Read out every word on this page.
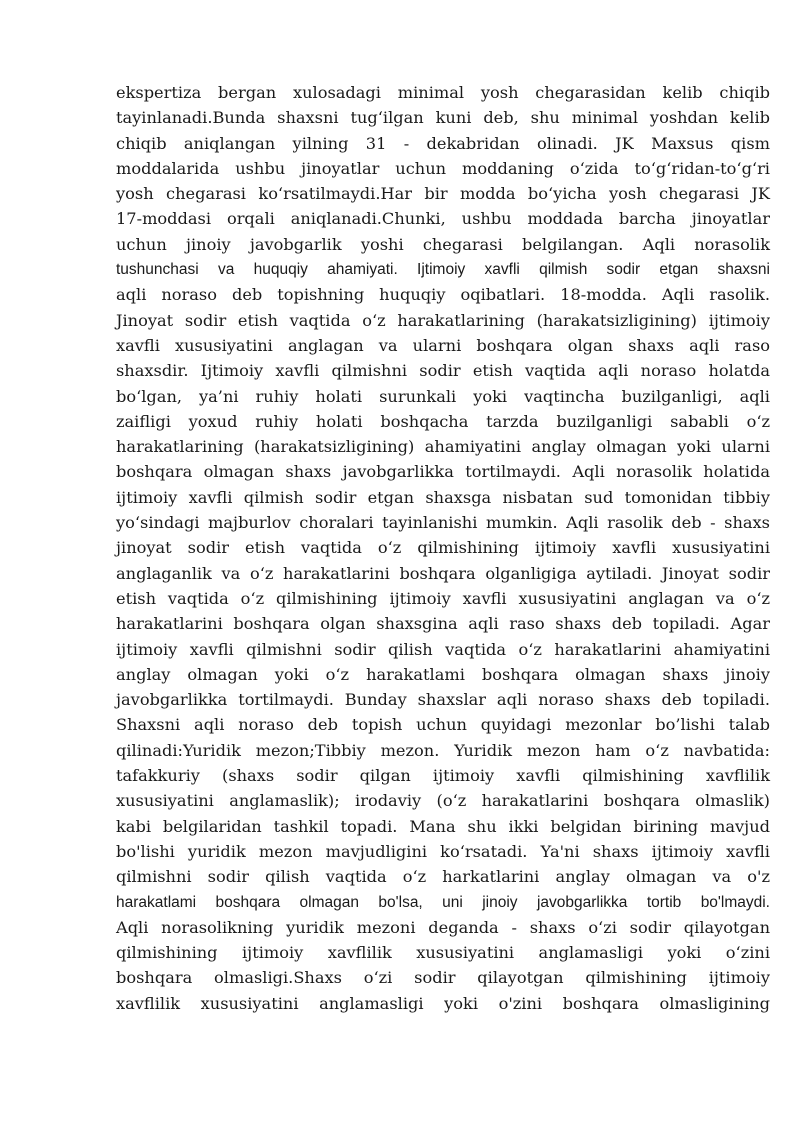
ekspertiza bergan xulosadagi minimal yosh chegarasidan kelib chiqib
tayinlanadi.Bunda shaxsni tug‘ilgan kuni deb, shu minimal yoshdan kelib
chiqib aniqlangan yilning 31 - dekabridan olinadi. JK Maxsus qism
moddalarida ushbu jinoyatlar uchun moddaning o‘zida to‘g‘ridan-to‘g‘ri
yosh chegarasi ko‘rsatilmaydi.Har bir modda bo‘yicha yosh chegarasi JK
17-moddasi orqali aniqlanadi.Chunki, ushbu moddada barcha jinoyatlar
uchun jinoiy javobgarlik yoshi chegarasi belgilangan. Aqli norasolik
tushunchasi va huquqiy ahamiyati. Ijtimoiy xavfli qilmish sodir etgan shaxsni
aqli noraso deb topishning huquqiy oqibatlari. 18-modda. Aqli rasolik.
Jinoyat sodir etish vaqtida o‘z harakatlarining (harakatsizligining) ijtimoiy
xavfli xususiyatini anglagan va ularni boshqara olgan shaxs aqli raso
shaxsdir. Ijtimoiy xavfli qilmishni sodir etish vaqtida aqli noraso holatda
bo‘lgan, ya’ni ruhiy holati surunkali yoki vaqtincha buzilganligi, aqli
zaifligi yoxud ruhiy holati boshqacha tarzda buzilganligi sababli o‘z
harakatlarining (harakatsizligining) ahamiyatini anglay olmagan yoki ularni
boshqara olmagan shaxs javobgarlikka tortilmaydi. Aqli norasolik holatida
ijtimoiy xavfli qilmish sodir etgan shaxsga nisbatan sud tomonidan tibbiy
yo‘sindagi majburlov choralari tayinlanishi mumkin. Aqli rasolik deb - shaxs
jinoyat sodir etish vaqtida o‘z qilmishining ijtimoiy xavfli xususiyatini
anglaganlik va o‘z harakatlarini boshqara olganligiga aytiladi. Jinoyat sodir
etish vaqtida o‘z qilmishining ijtimoiy xavfli xususiyatini anglagan va o‘z
harakatlarini boshqara olgan shaxsgina aqli raso shaxs deb topiladi. Agar
ijtimoiy xavfli qilmishni sodir qilish vaqtida o‘z harakatlarini ahamiyatini
anglay olmagan yoki o‘z harakatlami boshqara olmagan shaxs jinoiy
javobgarlikka tortilmaydi. Bunday shaxslar aqli noraso shaxs deb topiladi.
Shaxsni aqli noraso deb topish uchun quyidagi mezonlar bo’lishi talab
qilinadi:Yuridik mezon;Tibbiy mezon. Yuridik mezon ham o‘z navbatida:
tafakkuriy (shaxs sodir qilgan ijtimoiy xavfli qilmishining xavflilik
xususiyatini anglamaslik); irodaviy (o‘z harakatlarini boshqara olmaslik)
kabi belgilaridan tashkil topadi. Mana shu ikki belgidan birining mavjud
bo'lishi yuridik mezon mavjudligini ko‘rsatadi. Ya'ni shaxs ijtimoiy xavfli
qilmishni sodir qilish vaqtida o‘z harkatlarini anglay olmagan va o'z
harakatlami boshqara olmagan bo'lsa, uni jinoiy javobgarlikka tortib bo'lmaydi.
Aqli norasolikning yuridik mezoni deganda - shaxs o‘zi sodir qilayotgan
qilmishining ijtimoiy xavflilik xususiyatini anglamasligi yoki o‘zini
boshqara olmasligi.Shaxs o‘zi sodir qilayotgan qilmishining ijtimoiy
xavflilik xususiyatini anglamasligi yoki o'zini boshqara olmasligining
